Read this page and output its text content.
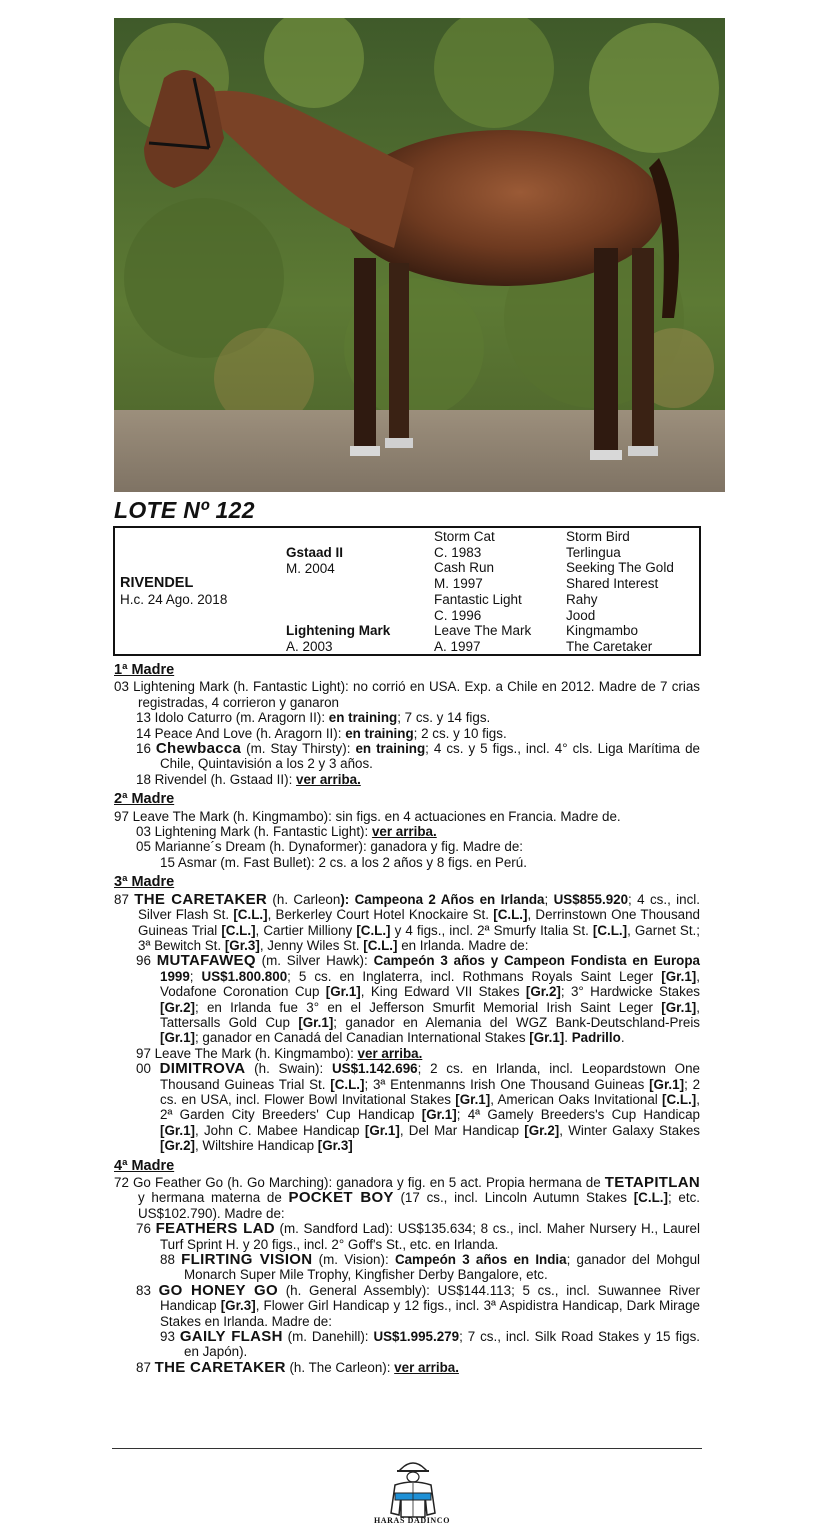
LOTE Nº 122
RIVENDEL
H.c. 24 Ago. 2018
Gstaad II
M. 2004
Lightening Mark
A. 2003
Storm Cat
C. 1983
Cash Run
M. 1997
Fantastic Light
C. 1996
Leave The Mark
A. 1997
Storm Bird
Terlingua
Seeking The Gold
Shared Interest
Rahy
Jood
Kingmambo
The Caretaker
1ª Madre
03 Lightening Mark (h. Fantastic Light): no corrió en USA. Exp. a Chile en 2012. Madre de 7 crias registradas, 4 corrieron y ganaron
13 Idolo Caturro (m. Aragorn II): en training; 7 cs. y 14 figs.
14 Peace And Love (h. Aragorn II): en training; 2 cs. y 10 figs.
16 Chewbacca (m. Stay Thirsty): en training; 4 cs. y 5 figs., incl. 4° cls. Liga Marítima de Chile, Quintavisión a los 2 y 3 años.
18 Rivendel (h. Gstaad II): ver arriba.
2ª Madre
97 Leave The Mark (h. Kingmambo): sin figs. en 4 actuaciones en Francia. Madre de.
03 Lightening Mark (h. Fantastic Light): ver arriba.
05 Marianne´s Dream (h. Dynaformer): ganadora y fig. Madre de:
15 Asmar (m. Fast Bullet): 2 cs. a los 2 años y 8 figs. en Perú.
3ª Madre
87 THE CARETAKER (h. Carleon): Campeona 2 Años en Irlanda; US$855.920; 4 cs., incl. Silver Flash St. [C.L.], Berkerley Court Hotel Knockaire St. [C.L.], Derrinstown One Thousand Guineas Trial [C.L.], Cartier Milliony [C.L.] y 4 figs., incl. 2ª Smurfy Italia St. [C.L.], Garnet St.; 3ª Bewitch St. [Gr.3], Jenny Wiles St. [C.L.] en Irlanda. Madre de:
96 MUTAFAWEQ (m. Silver Hawk): Campeón 3 años y Campeon Fondista en Europa 1999; US$1.800.800; 5 cs. en Inglaterra, incl. Rothmans Royals Saint Leger [Gr.1], Vodafone Coronation Cup [Gr.1], King Edward VII Stakes [Gr.2]; 3° Hardwicke Stakes [Gr.2]; en Irlanda fue 3° en el Jefferson Smurfit Memorial Irish Saint Leger [Gr.1], Tattersalls Gold Cup [Gr.1]; ganador en Alemania del WGZ Bank-Deutschland-Preis [Gr.1]; ganador en Canadá del Canadian International Stakes [Gr.1]. Padrillo.
97 Leave The Mark (h. Kingmambo): ver arriba.
00 DIMITROVA (h. Swain): US$1.142.696; 2 cs. en Irlanda, incl. Leopardstown One Thousand Guineas Trial St. [C.L.]; 3ª Entenmanns Irish One Thousand Guineas [Gr.1]; 2 cs. en USA, incl. Flower Bowl Invitational Stakes [Gr.1], American Oaks Invitational [C.L.], 2ª Garden City Breeders' Cup Handicap [Gr.1]; 4ª Gamely Breeders's Cup Handicap [Gr.1], John C. Mabee Handicap [Gr.1], Del Mar Handicap [Gr.2], Winter Galaxy Stakes [Gr.2], Wiltshire Handicap [Gr.3]
4ª Madre
72 Go Feather Go (h. Go Marching): ganadora y fig. en 5 act. Propia hermana de TETAPITLAN y hermana materna de POCKET BOY (17 cs., incl. Lincoln Autumn Stakes [C.L.]; etc. US$102.790). Madre de:
76 FEATHERS LAD (m. Sandford Lad): US$135.634; 8 cs., incl. Maher Nursery H., Laurel Turf Sprint H. y 20 figs., incl. 2° Goff's St., etc. en Irlanda.
88 FLIRTING VISION (m. Vision): Campeón 3 años en India; ganador del Mohgul Monarch Super Mile Trophy, Kingfisher Derby Bangalore, etc.
83 GO HONEY GO (h. General Assembly): US$144.113; 5 cs., incl. Suwannee River Handicap [Gr.3], Flower Girl Handicap y 12 figs., incl. 3ª Aspidistra Handicap, Dark Mirage Stakes en Irlanda. Madre de:
93 GAILY FLASH (m. Danehill): US$1.995.279; 7 cs., incl. Silk Road Stakes y 15 figs. en Japón).
87 THE CARETAKER (h. The Carleon): ver arriba.
HARAS DADINCO
